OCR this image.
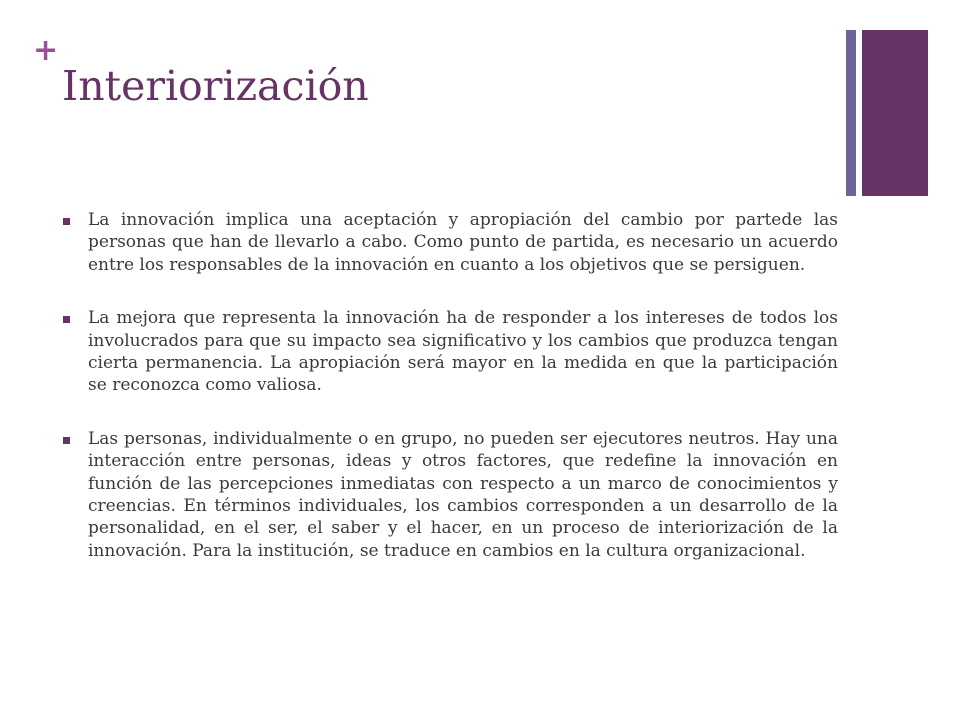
+
Interiorización

La innovación implica una aceptación y apropiación del cambio por partede las personas que han de llevarlo a cabo. Como punto de partida, es necesario un acuerdo entre los responsables de la innovación en cuanto a los objetivos que se persiguen.

La mejora que representa la innovación ha de responder a los intereses de todos los involucrados para que su impacto sea significativo y los cambios que produzca tengan cierta permanencia. La apropiación será mayor en la medida en que la participación se reconozca como valiosa.

Las personas, individualmente o en grupo, no pueden ser ejecutores neutros. Hay una interacción entre personas, ideas y otros factores, que redefine la innovación en función de las percepciones inmediatas con respecto a un marco de conocimientos y creencias. En términos individuales, los cambios corresponden a un desarrollo de la personalidad, en el ser, el saber y el hacer, en un proceso de interiorización de la innovación. Para la institución, se traduce en cambios en la cultura organizacional.
